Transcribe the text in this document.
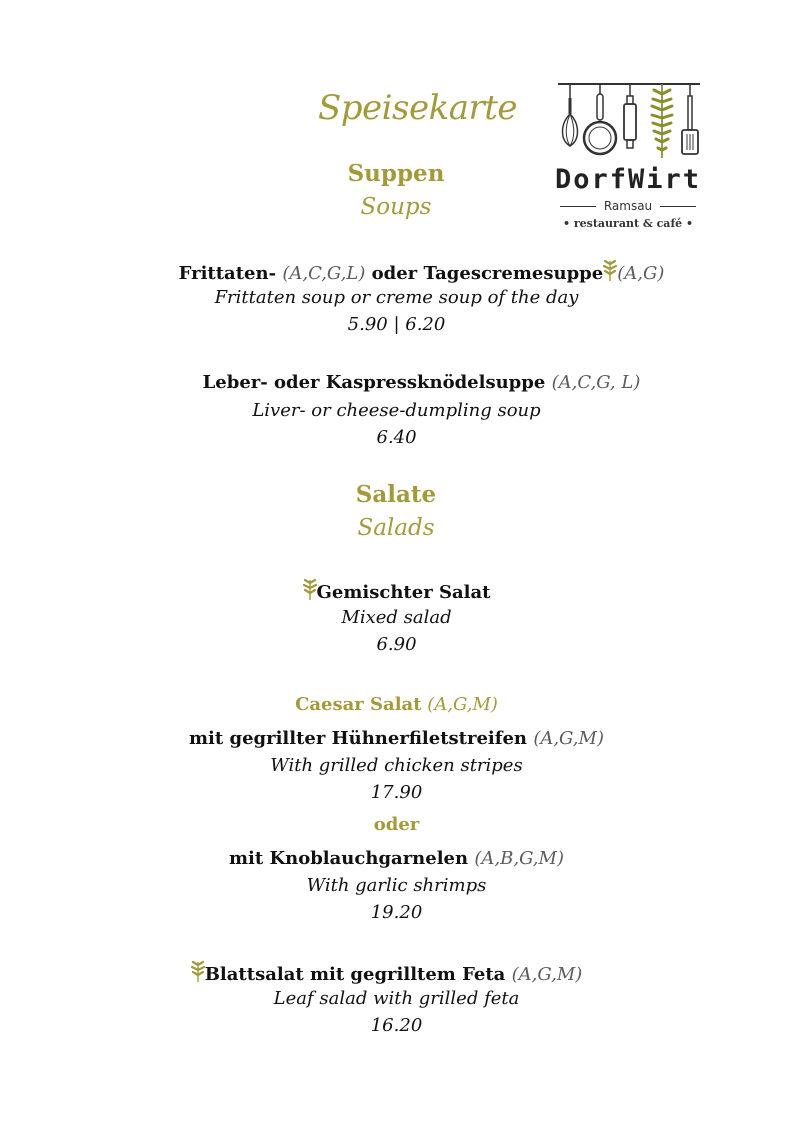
Speisekarte
DorfWirt
Ramsau
• restaurant & café •
Suppen
Soups
Frittaten- (A,C,G,L) oder Tagescremesuppe (A,G)
Frittaten soup or creme soup of the day
5.90 | 6.20
Leber- oder Kaspressknödelsuppe (A,C,G, L)
Liver- or cheese-dumpling soup
6.40
Salate
Salads
Gemischter Salat
Mixed salad
6.90
Caesar Salat (A,G,M)
mit gegrillter Hühnerfiletstreifen (A,G,M)
With grilled chicken stripes
17.90
oder
mit Knoblauchgarnelen (A,B,G,M)
With garlic shrimps
19.20
Blattsalat mit gegrilltem Feta (A,G,M)
Leaf salad with grilled feta
16.20
